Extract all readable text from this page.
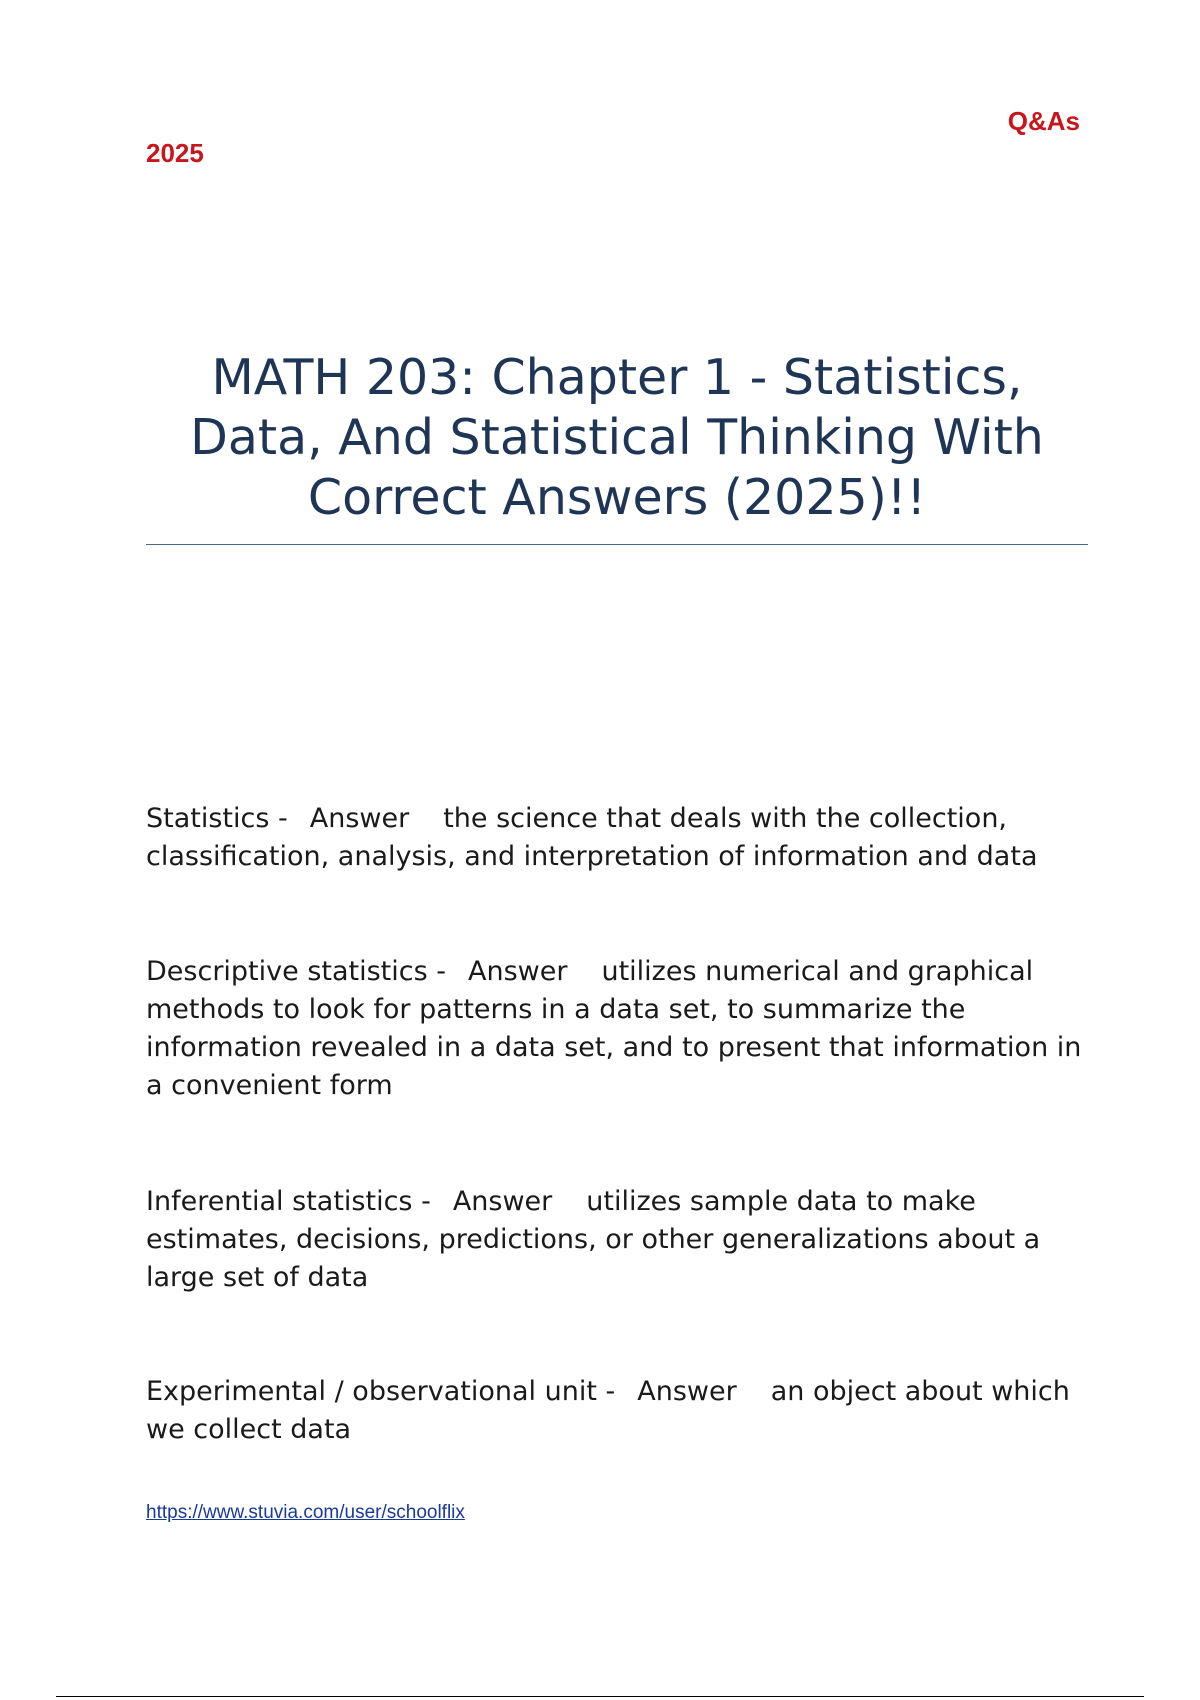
Q&As
2025
MATH 203: Chapter 1 - Statistics, Data, And Statistical Thinking With Correct Answers (2025)!!
Statistics - Answer the science that deals with the collection, classification, analysis, and interpretation of information and data
Descriptive statistics - Answer utilizes numerical and graphical methods to look for patterns in a data set, to summarize the information revealed in a data set, and to present that information in a convenient form
Inferential statistics - Answer utilizes sample data to make estimates, decisions, predictions, or other generalizations about a large set of data
Experimental / observational unit - Answer an object about which we collect data
https://www.stuvia.com/user/schoolflix
